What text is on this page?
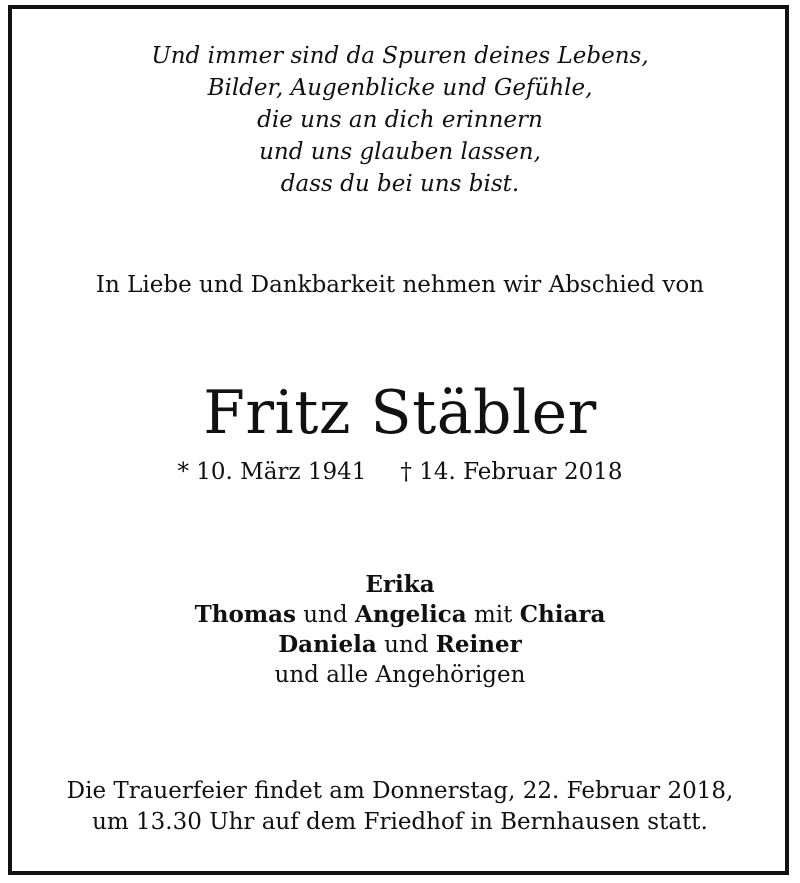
Und immer sind da Spuren deines Lebens,
Bilder, Augenblicke und Gefühle,
die uns an dich erinnern
und uns glauben lassen,
dass du bei uns bist.
In Liebe und Dankbarkeit nehmen wir Abschied von
Fritz Stäbler
* 10. März 1941 † 14. Februar 2018
Erika
Thomas und Angelica mit Chiara
Daniela und Reiner
und alle Angehörigen
Die Trauerfeier findet am Donnerstag, 22. Februar 2018,
um 13.30 Uhr auf dem Friedhof in Bernhausen statt.
